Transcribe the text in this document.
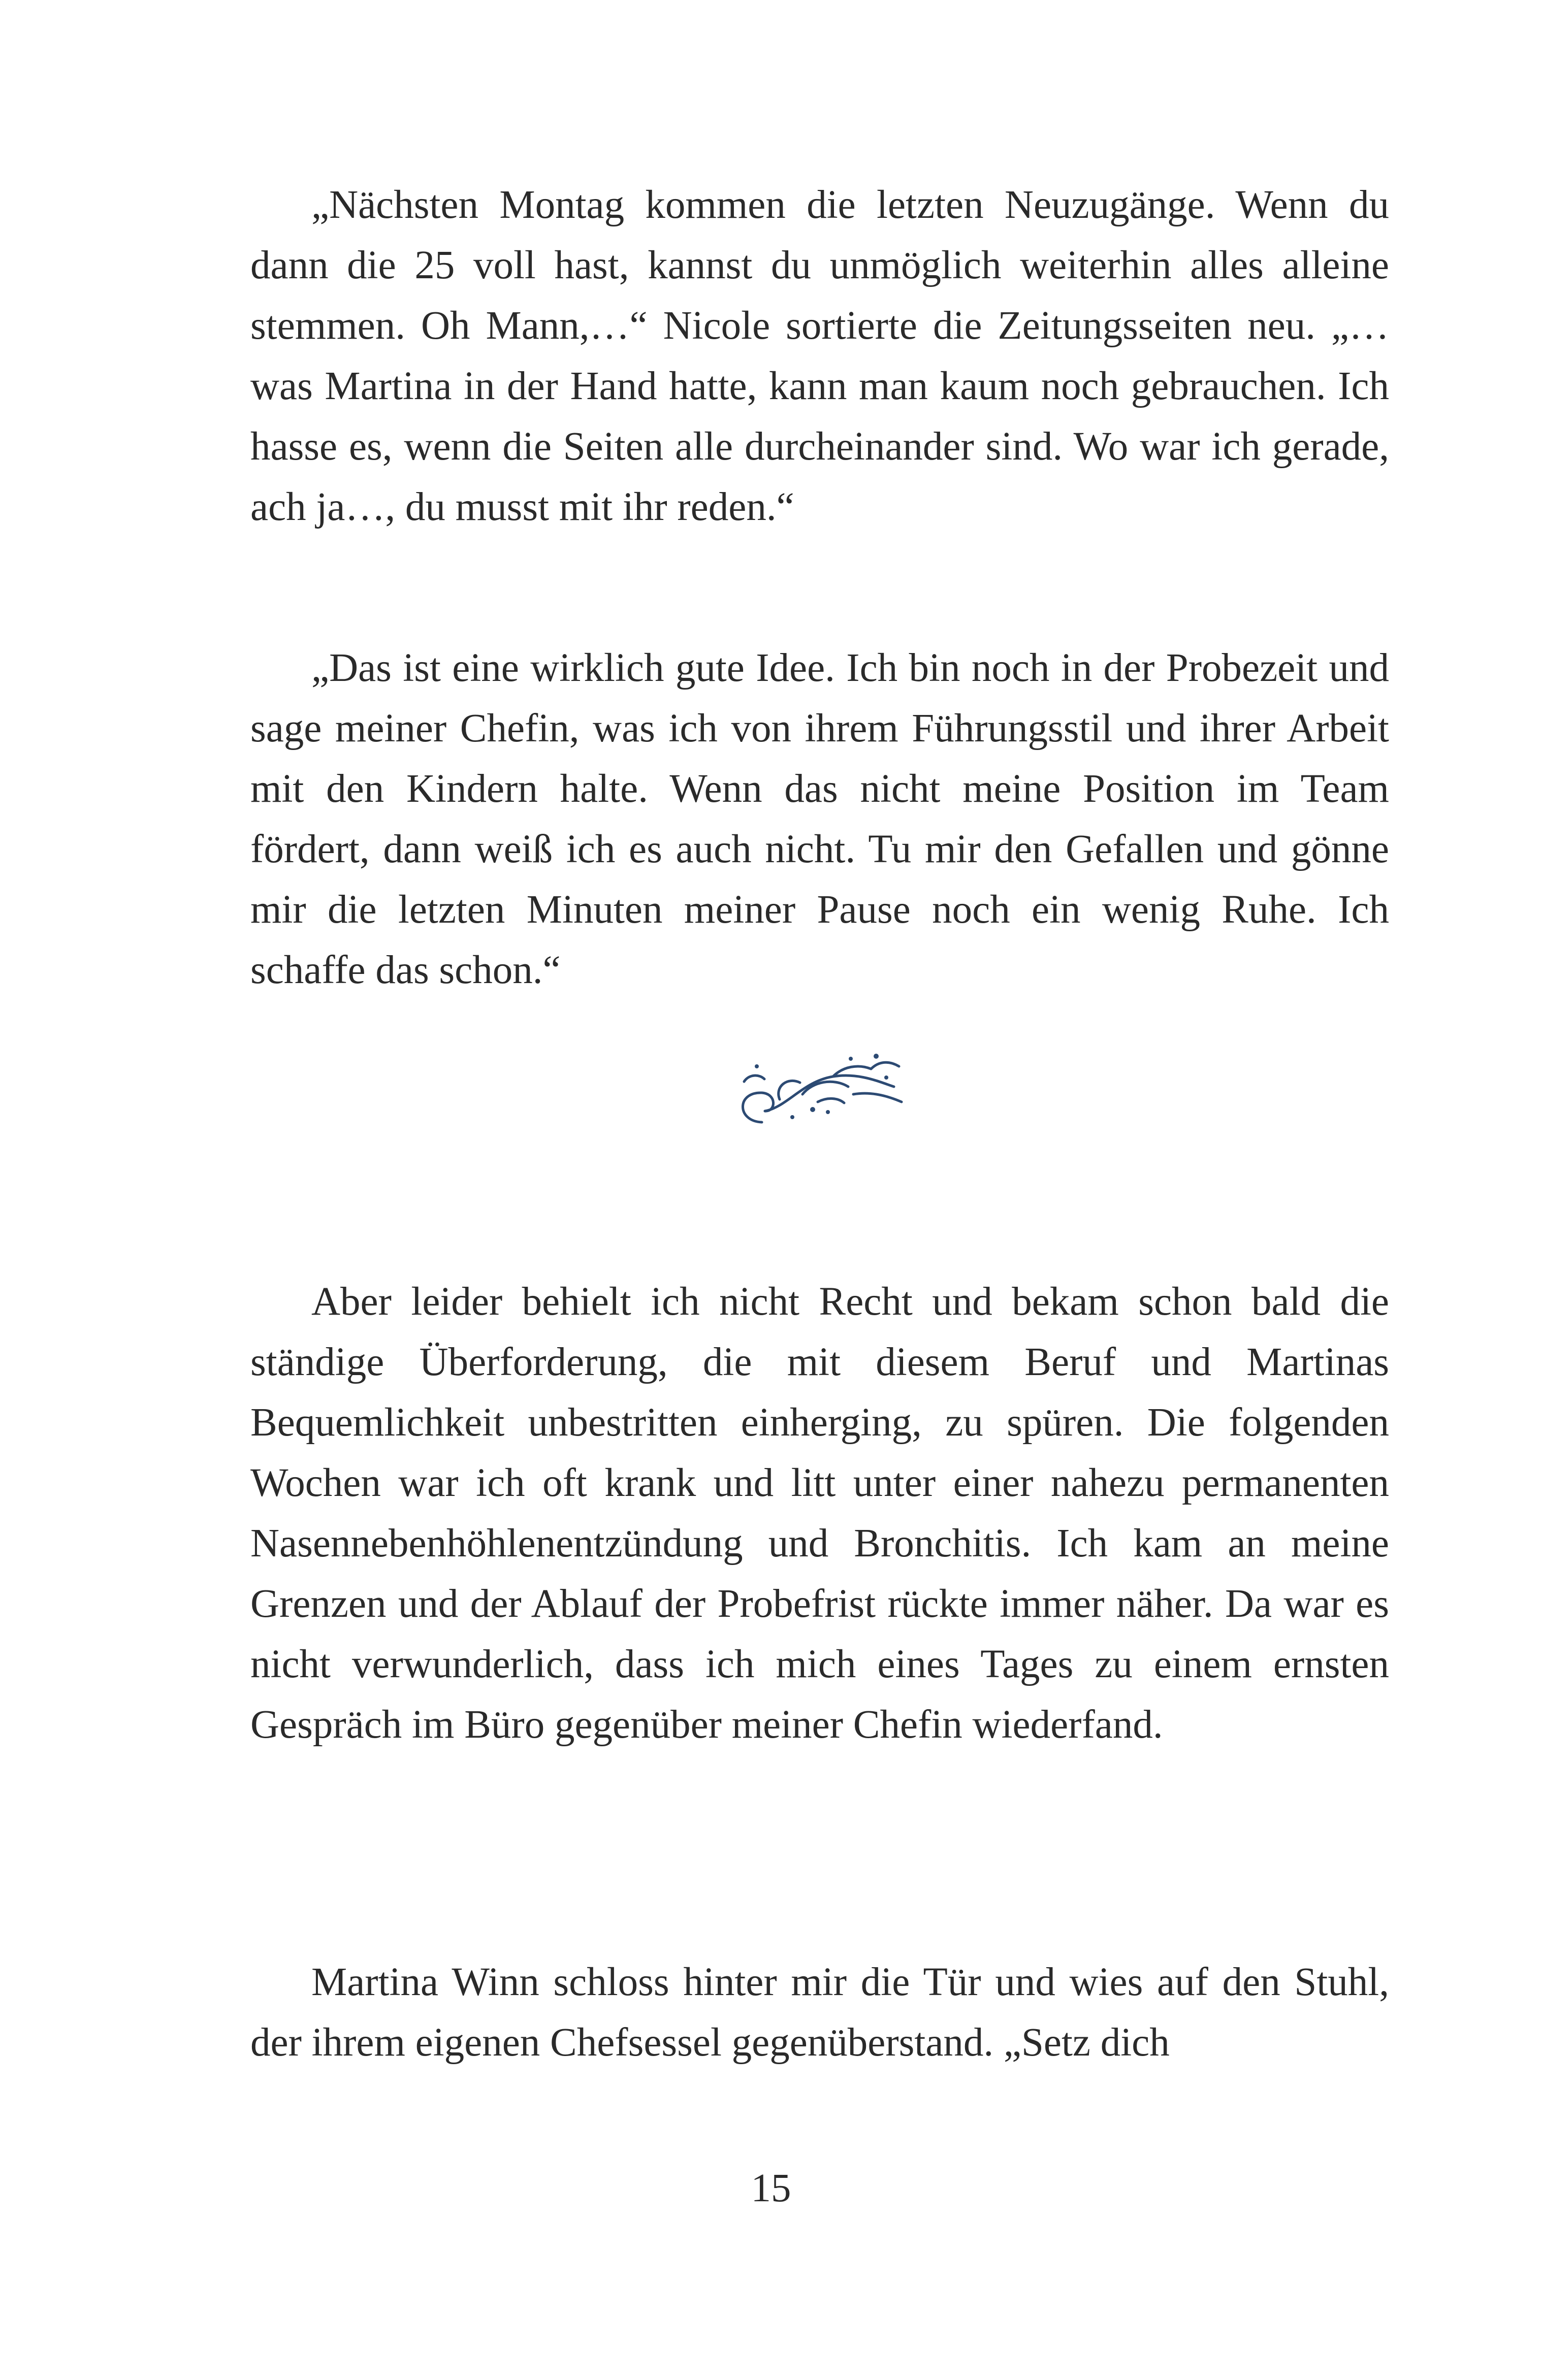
„Nächsten Montag kommen die letzten Neuzugänge. Wenn du dann die 25 voll hast, kannst du unmöglich weiterhin alles alleine stemmen. Oh Mann,…“ Nicole sortierte die Zeitungsseiten neu. „… was Martina in der Hand hatte, kann man kaum noch gebrauchen. Ich hasse es, wenn die Seiten alle durcheinander sind. Wo war ich gerade, ach ja…, du musst mit ihr reden.“

„Das ist eine wirklich gute Idee. Ich bin noch in der Probezeit und sage meiner Chefin, was ich von ihrem Führungsstil und ihrer Arbeit mit den Kindern halte. Wenn das nicht meine Position im Team fördert, dann weiß ich es auch nicht. Tu mir den Gefallen und gönne mir die letzten Minuten meiner Pause noch ein wenig Ruhe. Ich schaffe das schon.“

Aber leider behielt ich nicht Recht und bekam schon bald die ständige Überforderung, die mit diesem Beruf und Martinas Bequemlichkeit unbestritten einherging, zu spüren. Die folgenden Wochen war ich oft krank und litt unter einer nahezu permanenten Nasennebenhöhlenentzündung und Bronchitis. Ich kam an meine Grenzen und der Ablauf der Probefrist rückte immer näher. Da war es nicht verwunderlich, dass ich mich eines Tages zu einem ernsten Gespräch im Büro gegenüber meiner Chefin wiederfand.

Martina Winn schloss hinter mir die Tür und wies auf den Stuhl, der ihrem eigenen Chefsessel gegenüberstand. „Setz dich

15
